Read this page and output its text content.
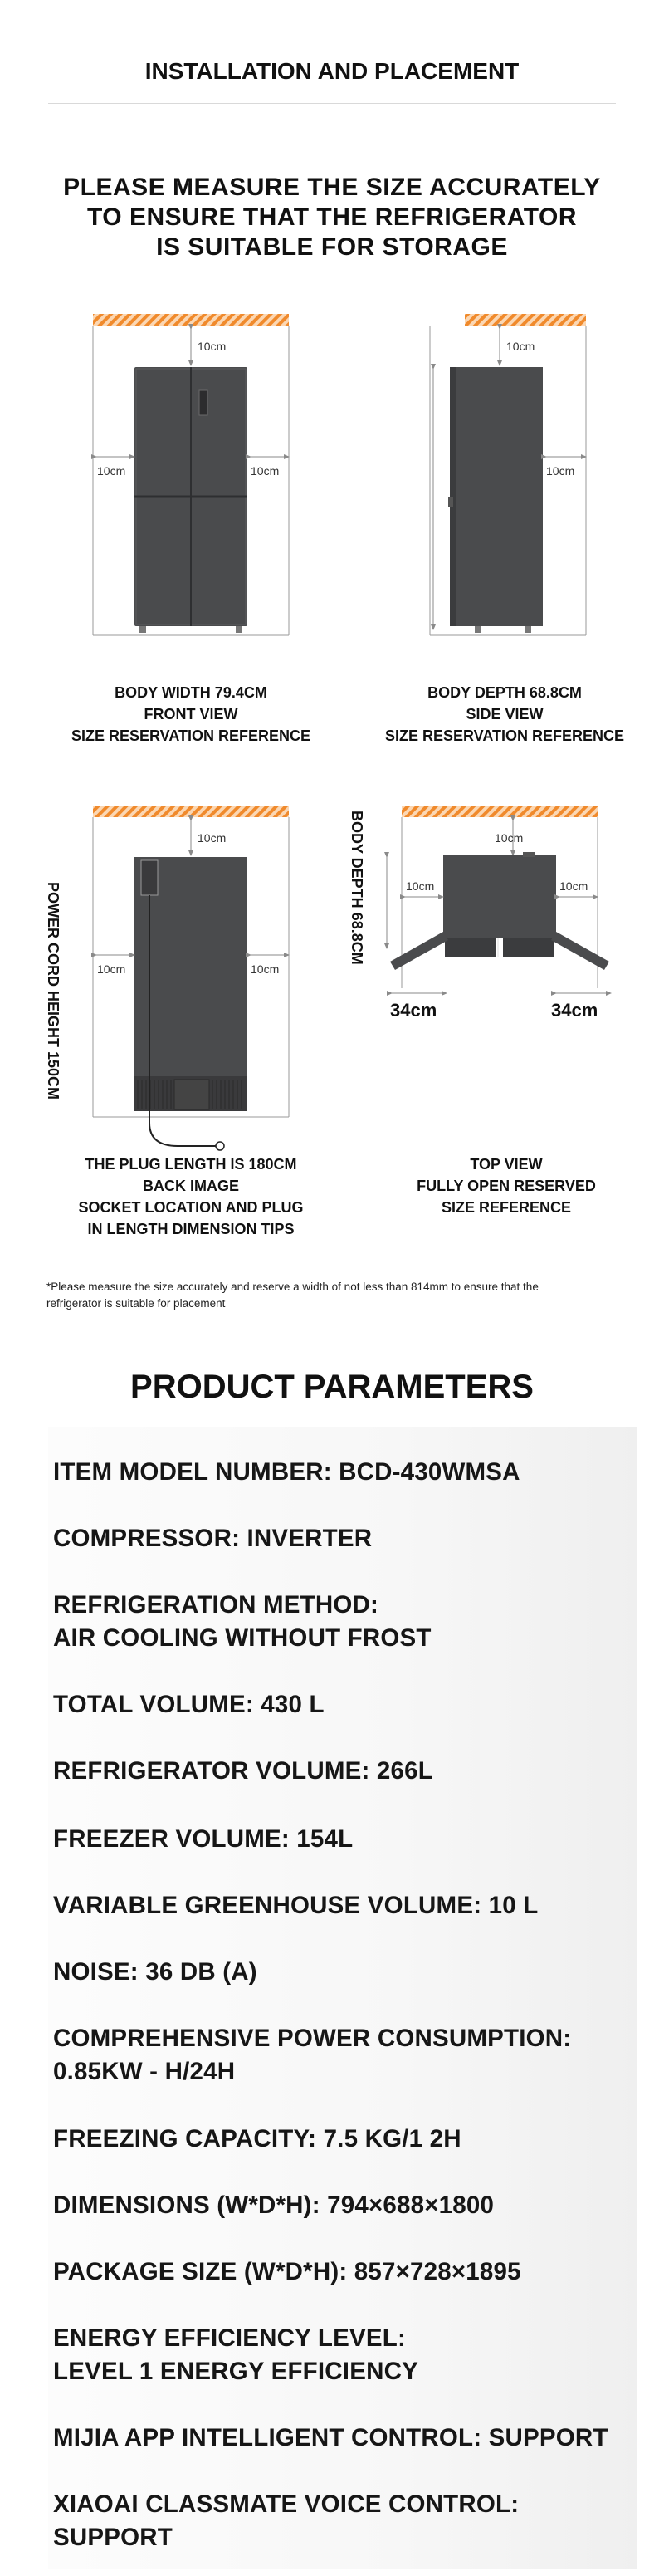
INSTALLATION AND PLACEMENT
PLEASE MEASURE THE SIZE ACCURATELY
TO ENSURE THAT THE REFRIGERATOR
IS SUITABLE FOR STORAGE
10cm
10cm	10cm
10cm
10cm
BODY WIDTH 79.4CM
FRONT VIEW
SIZE RESERVATION REFERENCE
BODY DEPTH 68.8CM
SIDE VIEW
SIZE RESERVATION REFERENCE
10cm
10cm	10cm
POWER CORD HEIGHT 150CM
10cm
BODY DEPTH 68.8CM	10cm	10cm
34cm	34cm
THE PLUG LENGTH IS 180CM
BACK IMAGE
SOCKET LOCATION AND PLUG
IN LENGTH DIMENSION TIPS
TOP VIEW
FULLY OPEN RESERVED
SIZE REFERENCE
*Please measure the size accurately and reserve a width of not less than 814mm to ensure that the refrigerator is suitable for placement
PRODUCT PARAMETERS
ITEM MODEL NUMBER: BCD-430WMSA
COMPRESSOR: INVERTER
REFRIGERATION METHOD:
AIR COOLING WITHOUT FROST
TOTAL VOLUME: 430 L
REFRIGERATOR VOLUME: 266L
FREEZER VOLUME: 154L
VARIABLE GREENHOUSE VOLUME: 10 L
NOISE: 36 DB (A)
COMPREHENSIVE POWER CONSUMPTION:
0.85KW - H/24H
FREEZING CAPACITY: 7.5 KG/1 2H
DIMENSIONS (W*D*H): 794×688×1800
PACKAGE SIZE (W*D*H): 857×728×1895
ENERGY EFFICIENCY LEVEL:
LEVEL 1 ENERGY EFFICIENCY
MIJIA APP INTELLIGENT CONTROL: SUPPORT
XIAOAI CLASSMATE VOICE CONTROL: SUPPORT
